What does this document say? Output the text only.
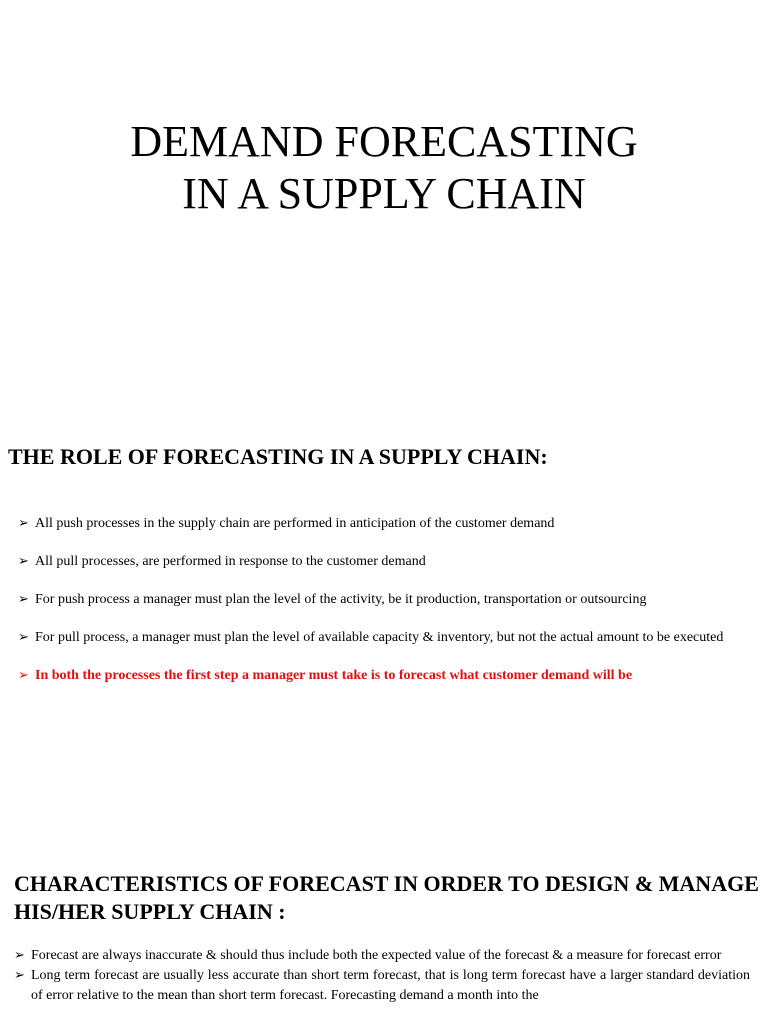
DEMAND FORECASTING
IN A SUPPLY CHAIN
THE ROLE OF FORECASTING IN A SUPPLY CHAIN:
➢ All push processes in the supply chain are performed in anticipation of the customer demand
➢ All pull processes, are performed in response to the customer demand
➢ For push process a manager must plan the level of the activity, be it production, transportation or outsourcing
➢ For pull process, a manager must plan the level of available capacity & inventory, but not the actual amount to be executed
➢ In both the processes the first step a manager must take is to forecast what customer demand will be
CHARACTERISTICS OF FORECAST IN ORDER TO DESIGN & MANAGE HIS/HER SUPPLY CHAIN :
➢ Forecast are always inaccurate & should thus include both the expected value of the forecast & a measure for forecast error
➢ Long term forecast are usually less accurate than short term forecast, that is long term forecast have a larger standard deviation of error relative to the mean than short term forecast. Forecasting demand a month into the
